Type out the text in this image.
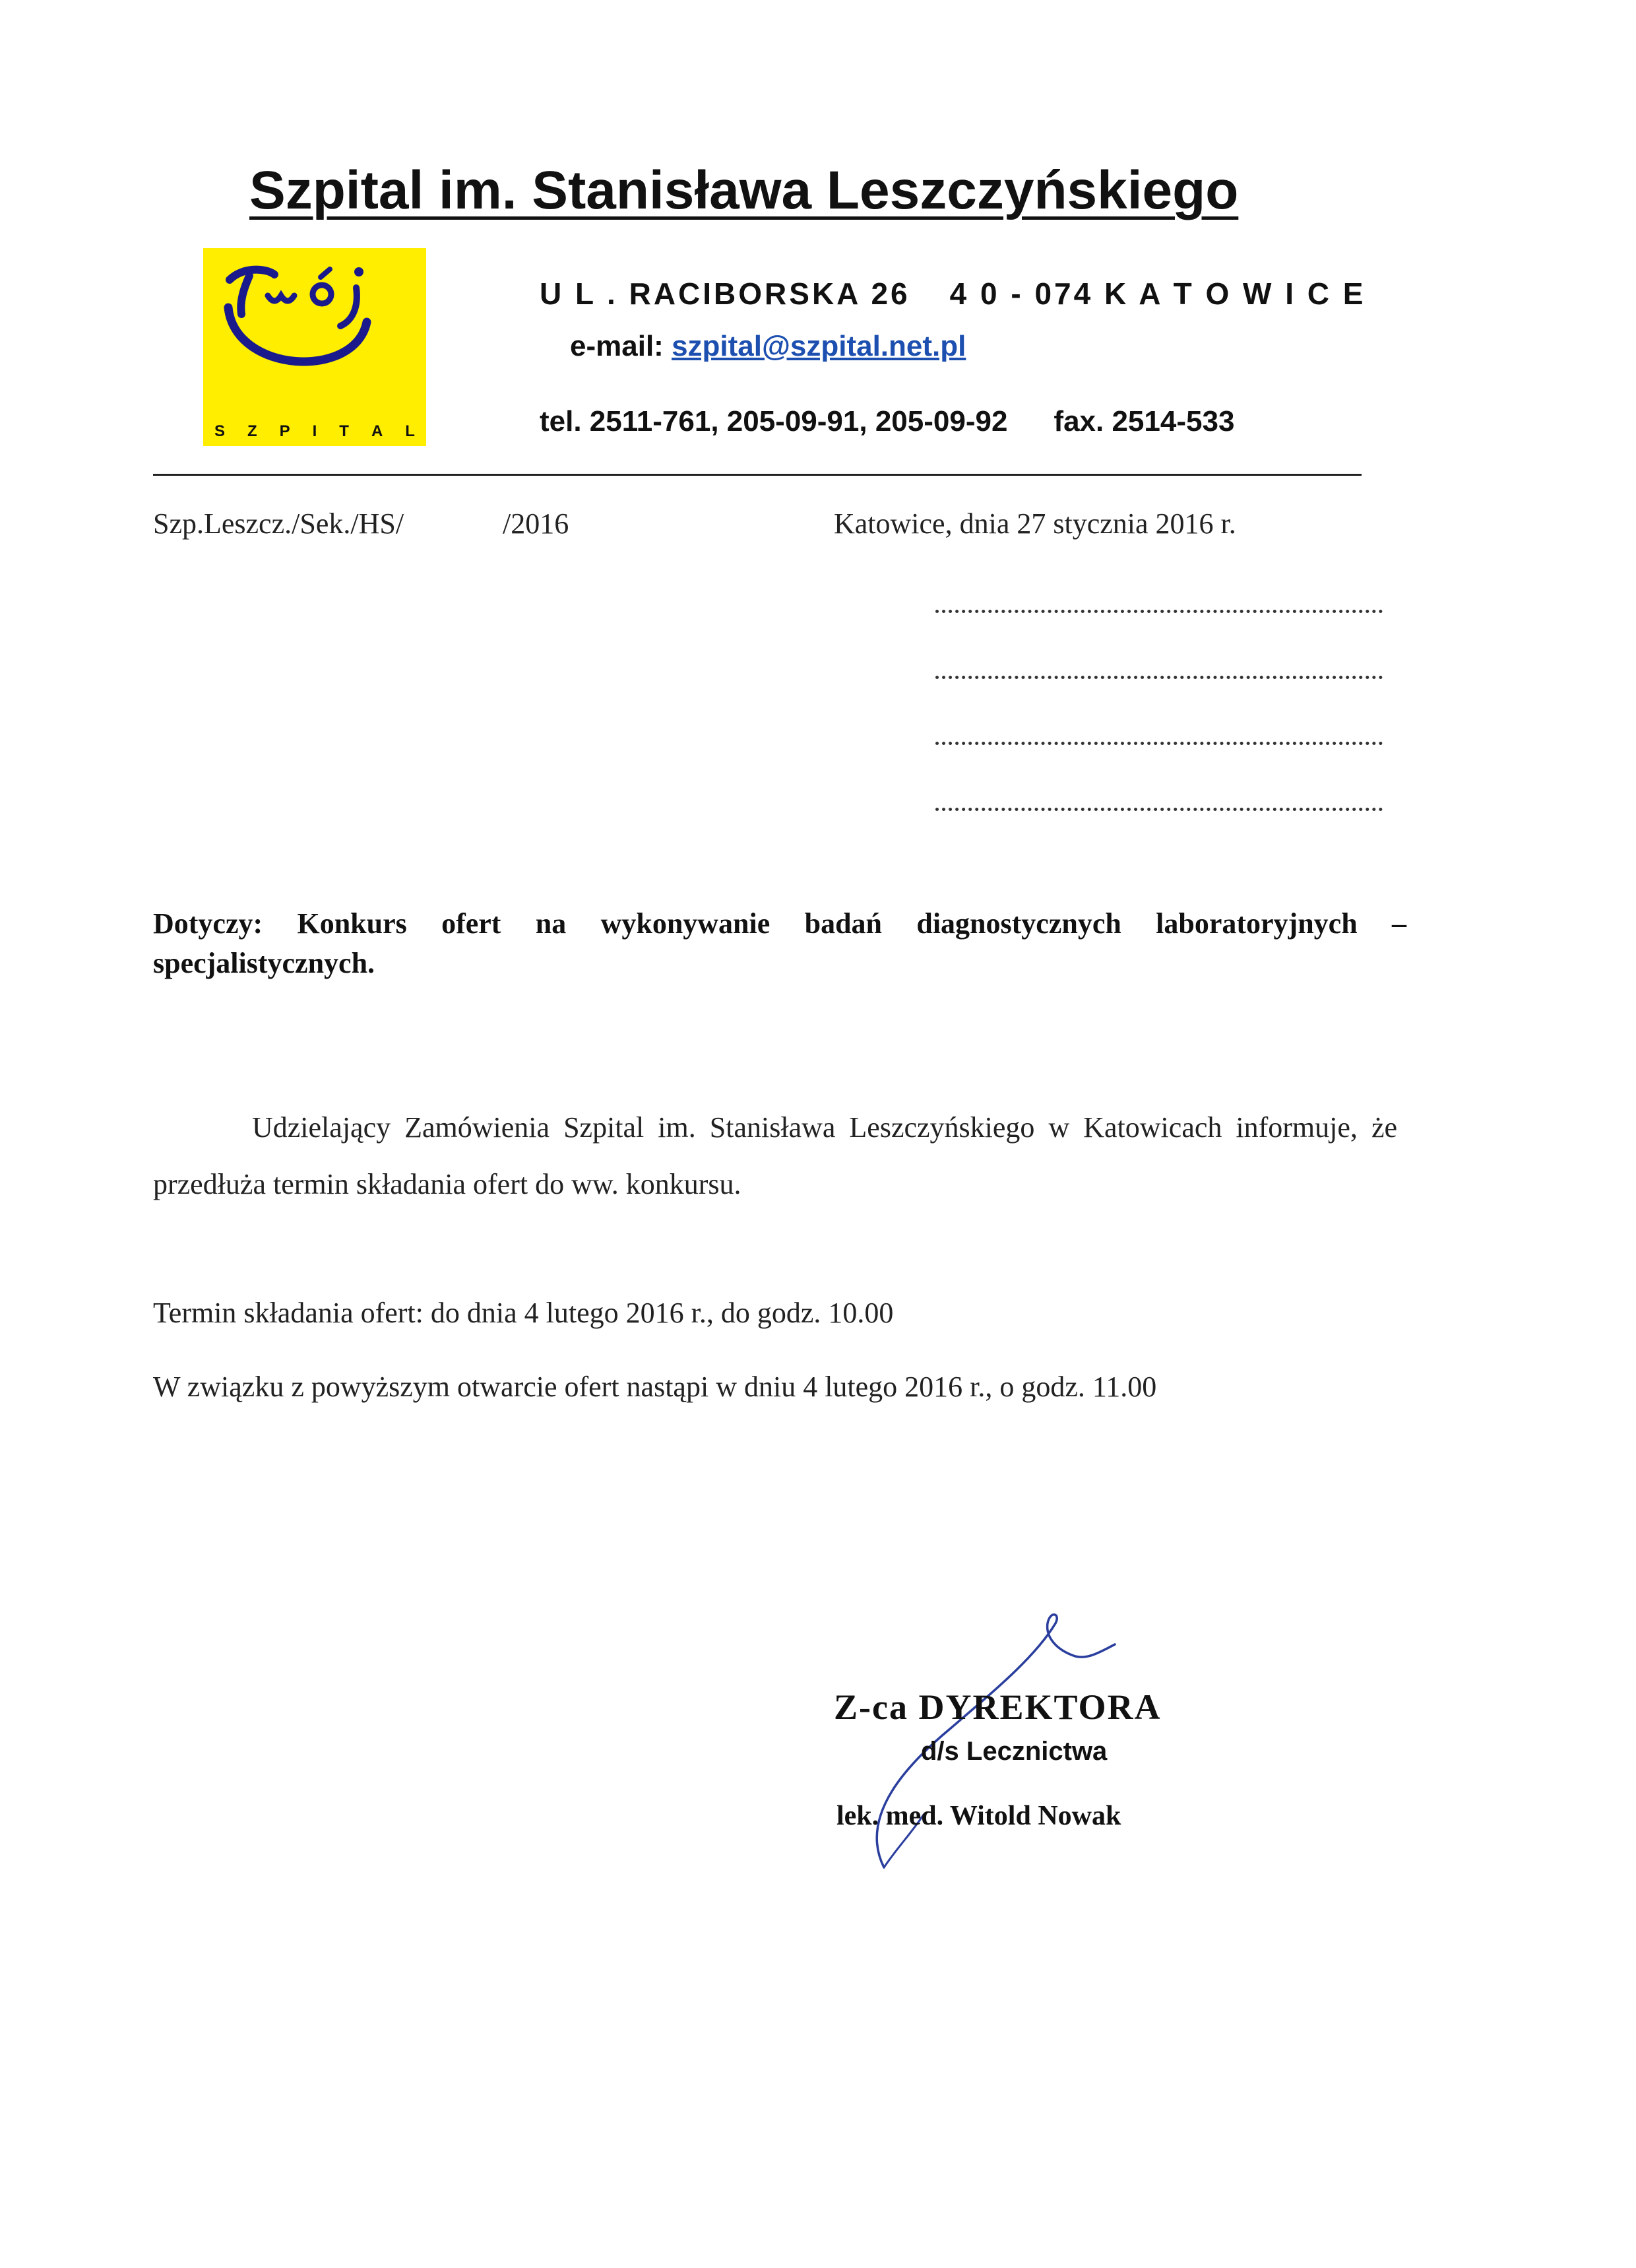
Szpital im. Stanisława Leszczyńskiego
S Z P I T A L
U L . RACIBORSKA 26 4 0 - 074 K A T O W I C E
e-mail: szpital@szpital.net.pl
tel. 2511-761, 205-09-91, 205-09-92 fax. 2514-533
Szp.Leszcz./Sek./HS/	/2016	Katowice, dnia 27 stycznia 2016 r.
Dotyczy: Konkurs ofert na wykonywanie badań diagnostycznych laboratoryjnych – specjalistycznych.
Udzielający Zamówienia Szpital im. Stanisława Leszczyńskiego w Katowicach informuje, że przedłuża termin składania ofert do ww. konkursu.
Termin składania ofert: do dnia 4 lutego 2016 r., do godz. 10.00
W związku z powyższym otwarcie ofert nastąpi w dniu 4 lutego 2016 r., o godz. 11.00
Z-ca DYREKTORA
d/s Lecznictwa
lek. med. Witold Nowak
